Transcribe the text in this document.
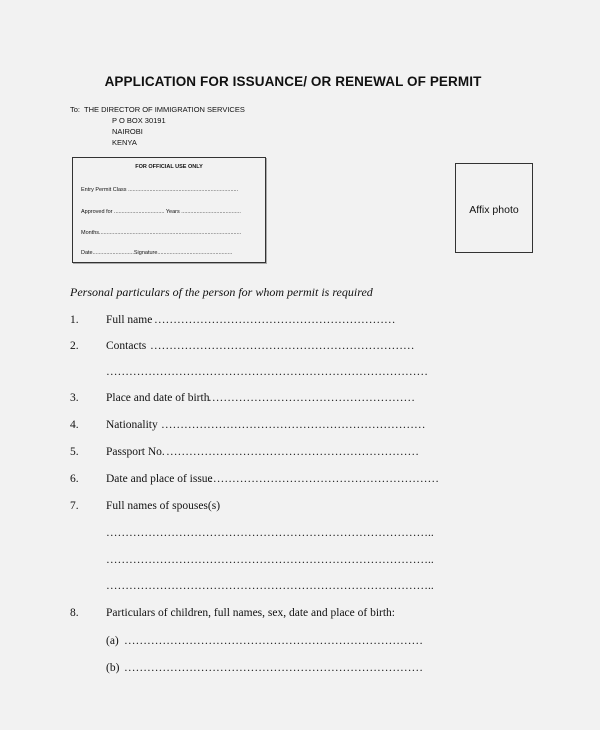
APPLICATION FOR ISSUANCE/ OR RENEWAL OF PERMIT
To: THE DIRECTOR OF IMMIGRATION SERVICES
P O BOX 30191
NAIROBI
KENYA
FOR OFFICIAL USE ONLY
Entry Permit Class ........................................................................
Approved for ................................. Years .......................................
Months.............................................................................................
Date...........................Signature.................................................
Affix photo
Personal particulars of the person for whom permit is required
1. Full name ………………………………………………………
2. Contacts ……………………………………………………………
…………………………………………………………………………
3. Place and date of birth
………………………………………………
4. Nationality ……………………………………………………………
5. Passport No. …………………………………………………………
6. Date and place of issue
……………………………………………………
7. Full names of spouses(s)
…………………………………………………………………………..
…………………………………………………………………………..
…………………………………………………………………………..
8. Particulars of children, full names, sex, date and place of birth:
(a) ……………………………………………………………………
(b) ……………………………………………………………………
